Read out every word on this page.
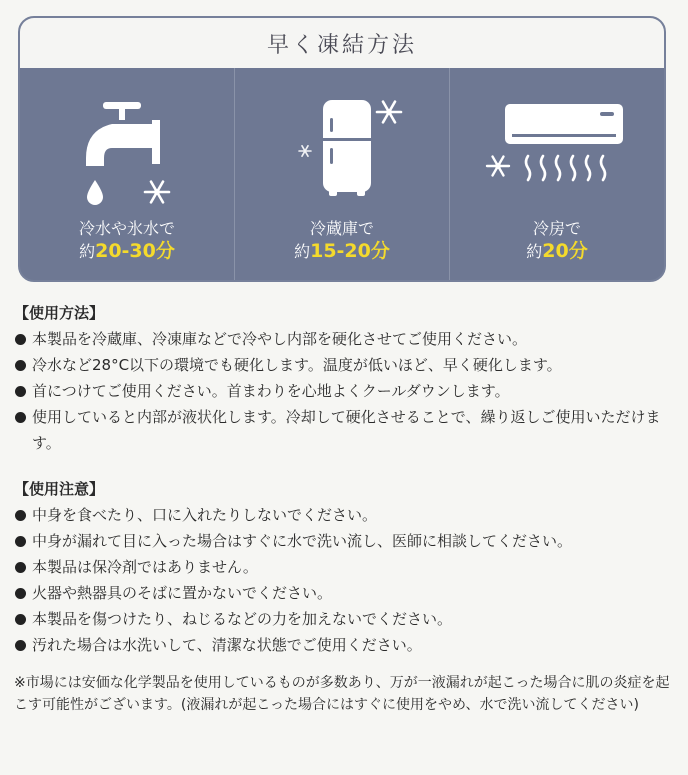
早く凍結方法
冷水や氷水で
約20-30分
冷蔵庫で
約15-20分
冷房で
約20分
【使用方法】
本製品を冷蔵庫、冷凍庫などで冷やし内部を硬化させてご使用ください。
冷水など28°C以下の環境でも硬化します。温度が低いほど、早く硬化します。
首につけてご使用ください。首まわりを心地よくクールダウンします。
使用していると内部が液状化します。冷却して硬化させることで、繰り返しご使用いただけます。
【使用注意】
中身を食べたり、口に入れたりしないでください。
中身が漏れて目に入った場合はすぐに水で洗い流し、医師に相談してください。
本製品は保冷剤ではありません。
火器や熱器具のそばに置かないでください。
本製品を傷つけたり、ねじるなどの力を加えないでください。
汚れた場合は水洗いして、清潔な状態でご使用ください。
※市場には安価な化学製品を使用しているものが多数あり、万が一液漏れが起こった場合に肌の炎症を起こす可能性がございます。(液漏れが起こった場合にはすぐに使用をやめ、水で洗い流してください)
